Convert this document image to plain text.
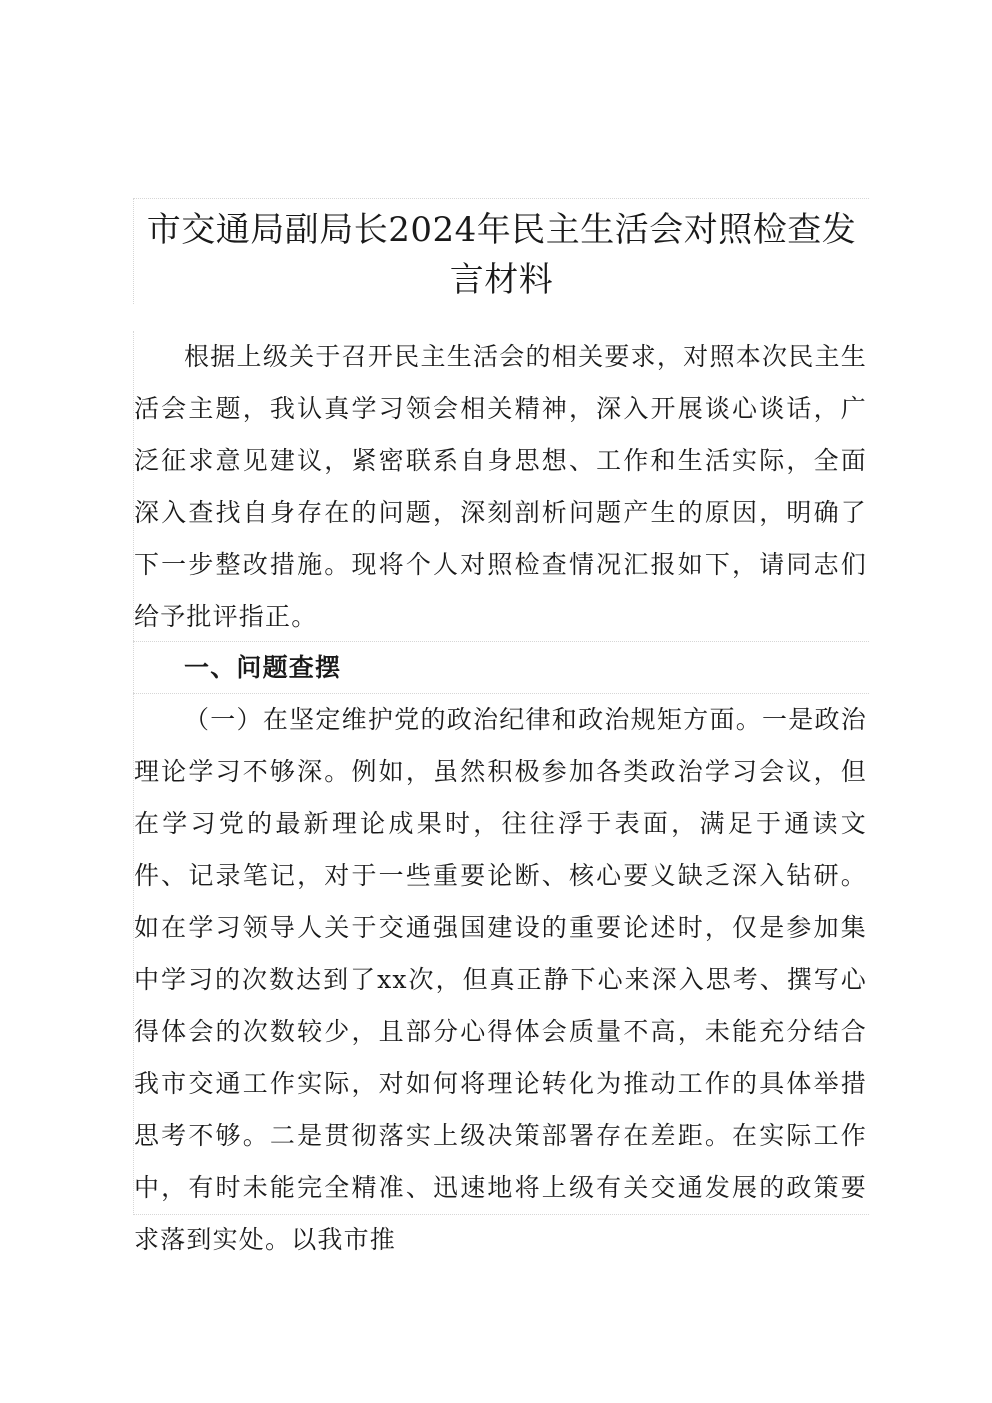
市交通局副局长2024年民主生活会对照检查发
言材料

根据上级关于召开民主生活会的相关要求，对照本次民主生活会主题，我认真学习领会相关精神，深入开展谈心谈话，广泛征求意见建议，紧密联系自身思想、工作和生活实际，全面深入查找自身存在的问题，深刻剖析问题产生的原因，明确了下一步整改措施。现将个人对照检查情况汇报如下，请同志们给予批评指正。

一、问题查摆

（一）在坚定维护党的政治纪律和政治规矩方面。一是政治理论学习不够深。例如，虽然积极参加各类政治学习会议，但在学习党的最新理论成果时，往往浮于表面，满足于通读文件、记录笔记，对于一些重要论断、核心要义缺乏深入钻研。如在学习领导人关于交通强国建设的重要论述时，仅是参加集中学习的次数达到了xx次，但真正静下心来深入思考、撰写心得体会的次数较少，且部分心得体会质量不高，未能充分结合我市交通工作实际，对如何将理论转化为推动工作的具体举措思考不够。二是贯彻落实上级决策部署存在差距。在实际工作中，有时未能完全精准、迅速地将上级有关交通发展的政策要求落到实处。以我市推
